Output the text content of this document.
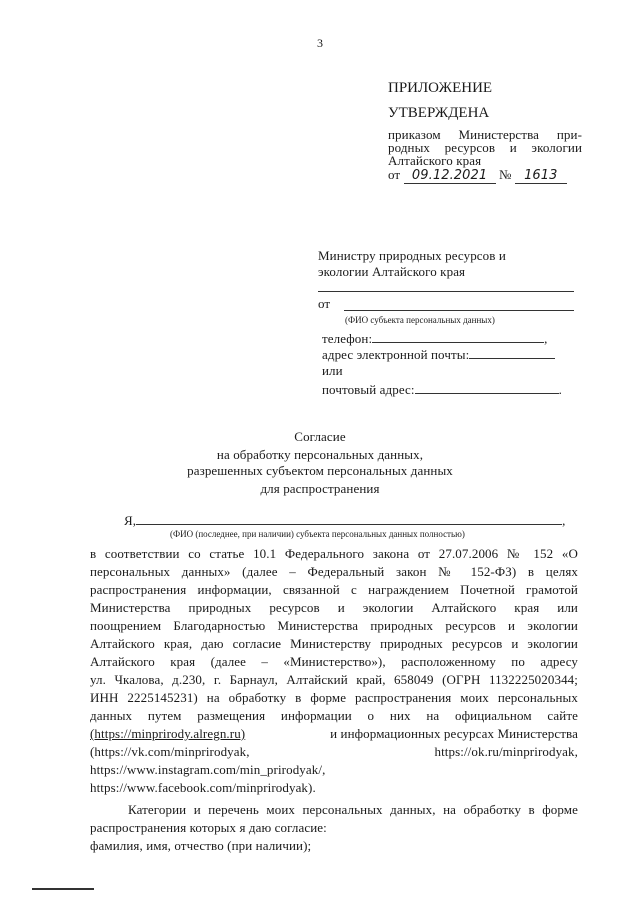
3
ПРИЛОЖЕНИЕ
УТВЕРЖДЕНА
приказом Министерства при-
родных ресурсов и экологии
Алтайского края
от 09.12.2021 № 1613
Министру природных ресурсов и
экологии Алтайского края
от
(ФИО субъекта персональных данных)
телефон:	,
адрес электронной почты:
или
почтовый адрес:	.
Согласие
на обработку персональных данных,
разрешенных субъектом персональных данных
для распространения
Я,	,
(ФИО (последнее, при наличии) субъекта персональных данных полностью)
в соответствии со статье 10.1 Федерального закона от 27.07.2006 № 152 «О
персональных данных» (далее – Федеральный закон № 152-ФЗ) в целях
распространения информации, связанной с награждением Почетной грамотой
Министерства природных ресурсов и экологии Алтайского края или
поощрением Благодарностью Министерства природных ресурсов и экологии
Алтайского края, даю согласие Министерству природных ресурсов и экологии
Алтайского края (далее – «Министерство»), расположенному по адресу
ул. Чкалова, д.230, г. Барнаул, Алтайский край, 658049 (ОГРН 1132225020344;
ИНН 2225145231) на обработку в форме распространения моих персональных
данных путем размещения информации о них на официальном сайте
(https://minprirody.alregn.ru)	и информационных ресурсах Министерства
(https://vk.com/minprirodyak,	https://ok.ru/minprirodyak,
https://www.instagram.com/min_prirodyak/,
https://www.facebook.com/minprirodyak).
Категории и перечень моих персональных данных, на обработку в форме
распространения которых я даю согласие:
фамилия, имя, отчество (при наличии);
